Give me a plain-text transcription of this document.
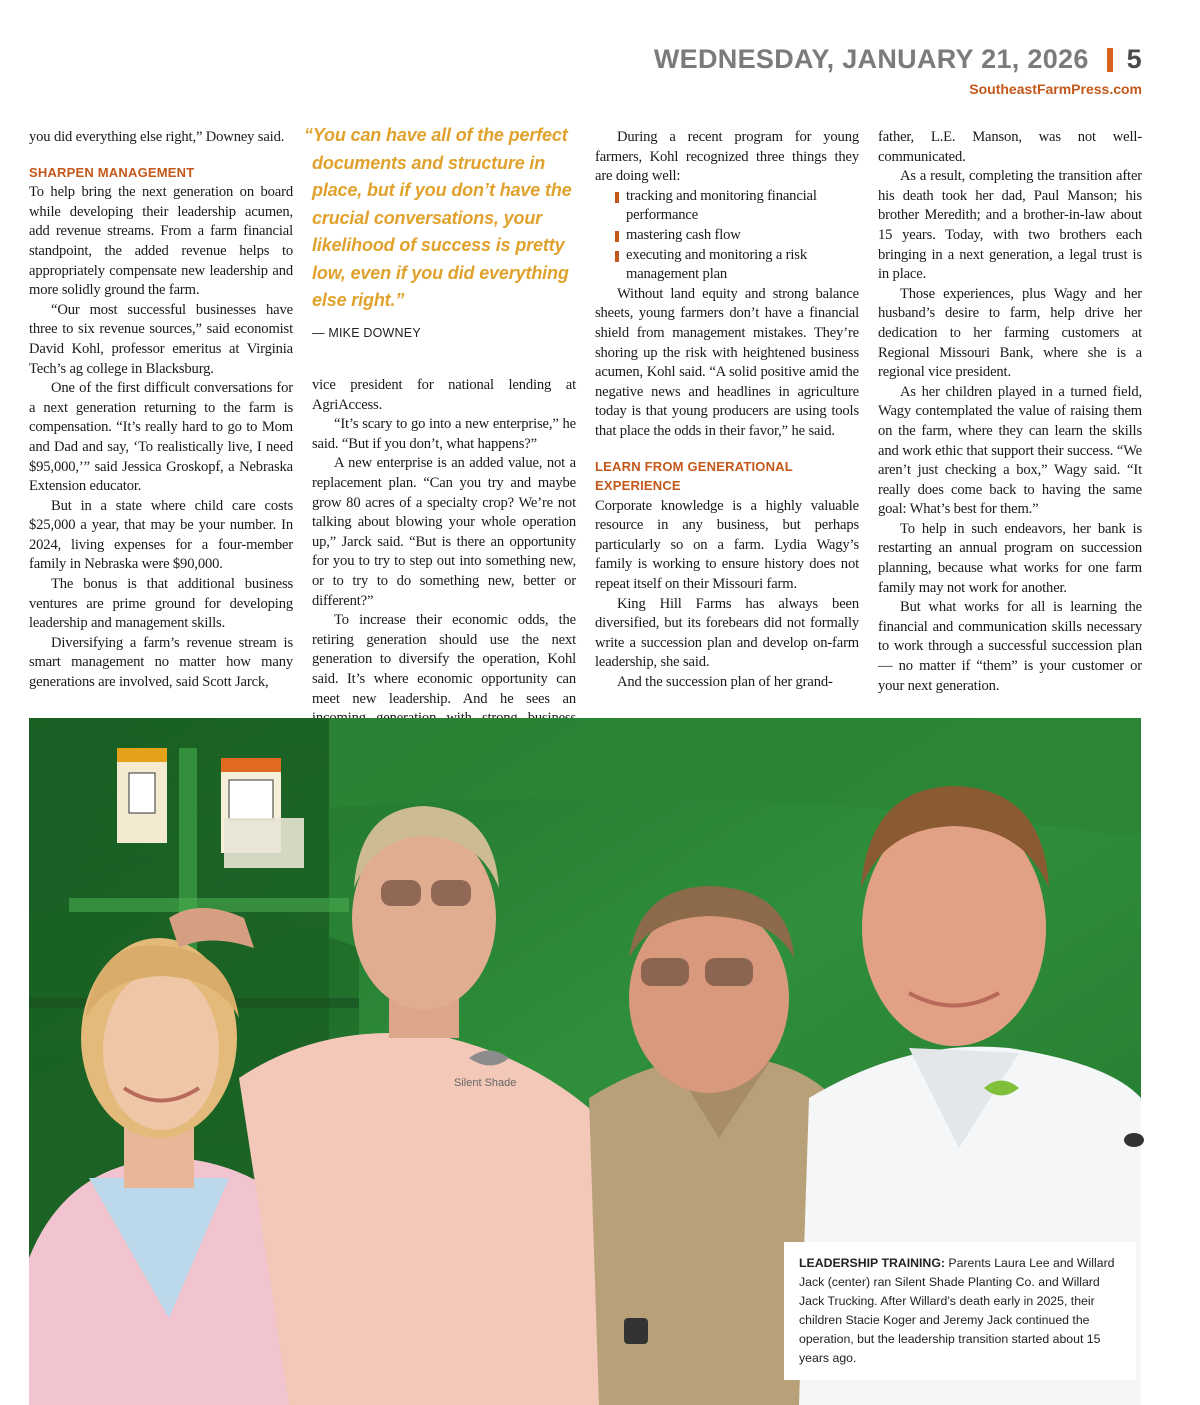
WEDNESDAY, JANUARY 21, 2026 5
SoutheastFarmPress.com

you did everything else right,” Downey said.

SHARPEN MANAGEMENT

To help bring the next generation on board while developing their leadership acumen, add revenue streams. From a farm financial standpoint, the added revenue helps to appropriately compensate new leadership and more solidly ground the farm.

“Our most successful businesses have three to six revenue sources,” said economist David Kohl, professor emeritus at Virginia Tech’s ag college in Blacksburg.

One of the first difficult conversations for a next generation returning to the farm is compensation. “It’s really hard to go to Mom and Dad and say, ‘To realistically live, I need $95,000,’” said Jessica Groskopf, a Nebraska Extension educator.

But in a state where child care costs $25,000 a year, that may be your number. In 2024, living expenses for a four-member family in Nebraska were $90,000.

The bonus is that additional business ventures are prime ground for developing leadership and management skills.

Diversifying a farm’s revenue stream is smart management no matter how many generations are involved, said Scott Jarck,

“You can have all of the perfect documents and structure in place, but if you don’t have the crucial conversations, your likelihood of success is pretty low, even if you did everything else right.”
— MIKE DOWNEY

vice president for national lending at AgriAccess.

“It’s scary to go into a new enterprise,” he said. “But if you don’t, what happens?”

A new enterprise is an added value, not a replacement plan. “Can you try and maybe grow 80 acres of a specialty crop? We’re not talking about blowing your whole operation up,” Jarck said. “But is there an opportunity for you to try to step out into something new, or to try to do something new, better or different?”

To increase their economic odds, the retiring generation should use the next generation to diversify the operation, Kohl said. It’s where economic opportunity can meet new leadership. And he sees an

During a recent program for young farmers, Kohl recognized three things they are doing well:

tracking and monitoring financial performance
mastering cash flow
executing and monitoring a risk management plan

Without land equity and strong balance sheets, young farmers don’t have a financial shield from management mistakes. They’re shoring up the risk with heightened business acumen, Kohl said. “A solid positive amid the negative news and headlines in agriculture today is that young producers are using tools that place the odds in their favor,” he said.

LEARN FROM GENERATIONAL EXPERIENCE

Corporate knowledge is a highly valuable resource in any business, but perhaps particularly so on a farm. Lydia Wagy’s family is working to ensure history does not repeat itself on their Missouri farm.

King Hill Farms has always been diversified, but its forebears did not formally write a succession plan and develop on-farm leadership, she said.

And the succession plan of her grand-

father, L.E. Manson, was not well-communicated.

As a result, completing the transition after his death took her dad, Paul Manson; his brother Meredith; and a brother-in-law about 15 years. Today, with two brothers each bringing in a next generation, a legal trust is in place.

Those experiences, plus Wagy and her husband’s desire to farm, help drive her dedication to her farming customers at Regional Missouri Bank, where she is a regional vice president.

As her children played in a turned field, Wagy contemplated the value of raising them on the farm, where they can learn the skills and work ethic that support their success. “We aren’t just checking a box,” Wagy said. “It really does come back to having the same goal: What’s best for them.”

To help in such endeavors, her bank is restarting an annual program on succession planning, because what works for one farm family may not work for another.

But what works for all is learning the financial and communication skills necessary to work through a successful succession plan — no matter if “them” is your customer or your next generation.

Silent Shade
LEADERSHIP TRAINING: Parents Laura Lee and Willard Jack (center) ran Silent Shade Planting Co. and Willard Jack Trucking. After Willard’s death early in 2025, their children Stacie Koger and Jeremy Jack continued the operation, but the leadership transition started about 15 years ago.
